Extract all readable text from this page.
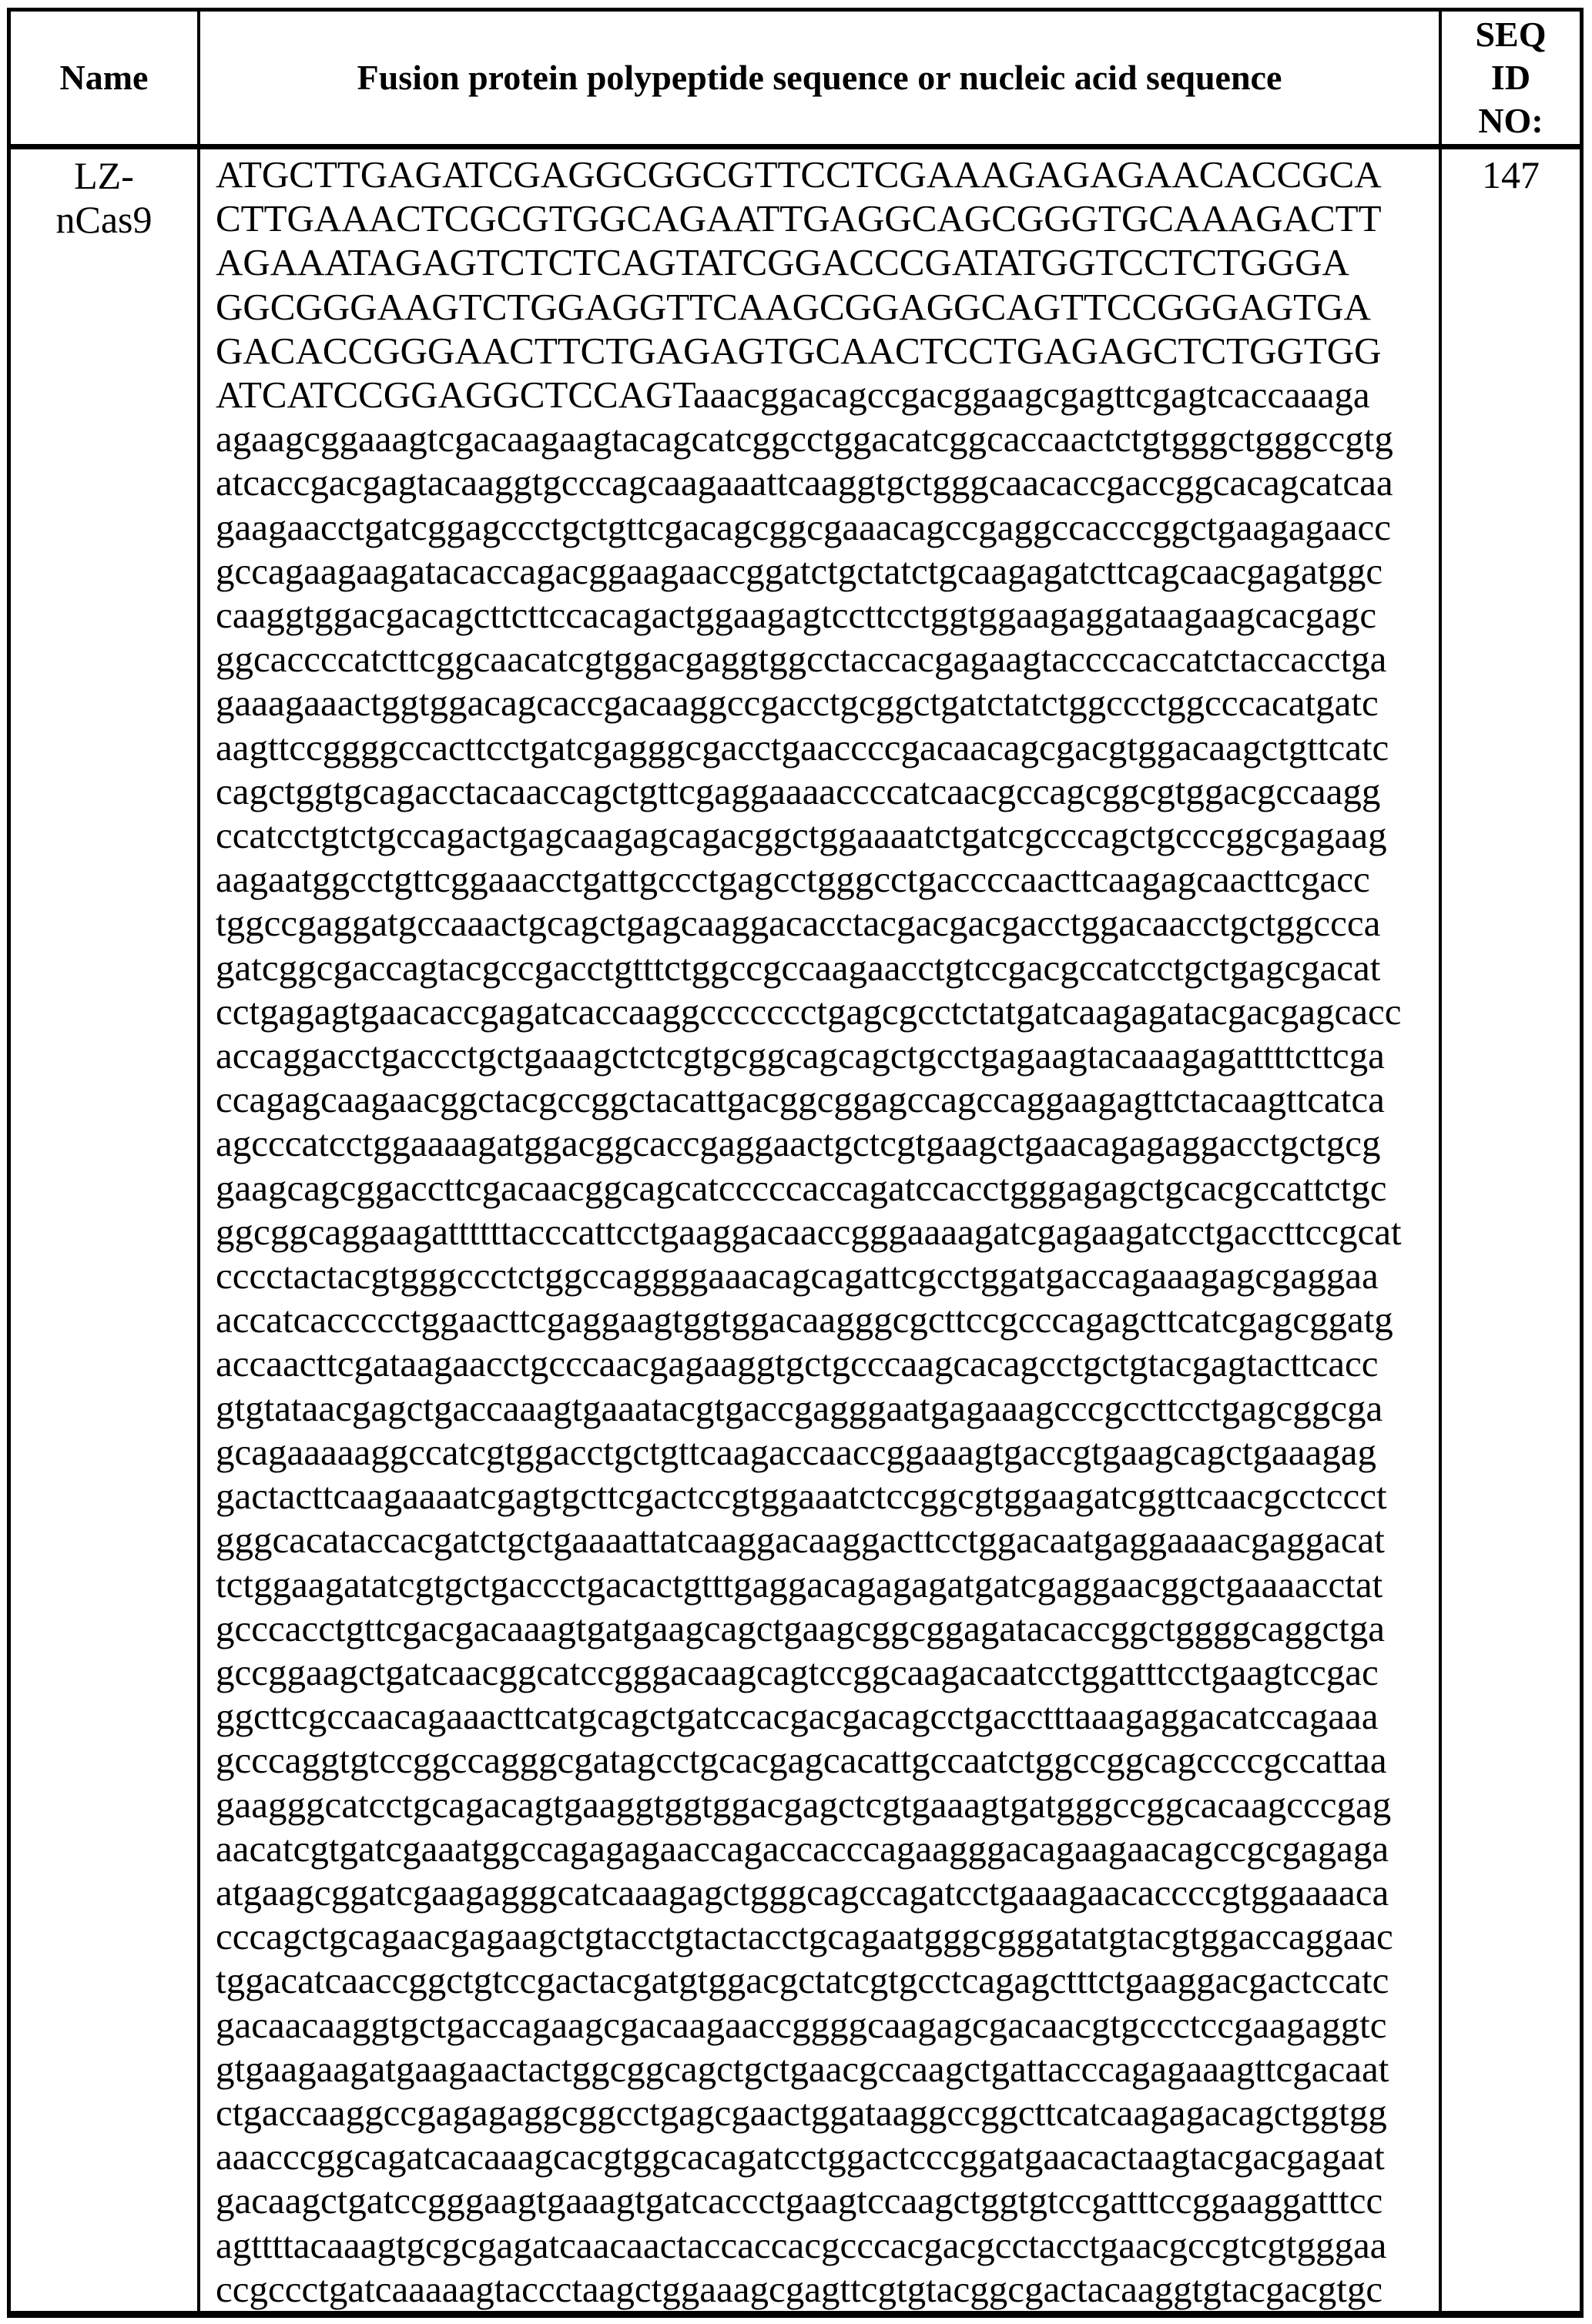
Name	Fusion protein polypeptide sequence or nucleic acid sequence
SEQ
ID
NO:
LZ-
nCas9
ATGCTTGAGATCGAGGCGGCGTTCCTCGAAAGAGAGAACACCGCA
CTTGAAACTCGCGTGGCAGAATTGAGGCAGCGGGTGCAAAGACTT
AGAAATAGAGTCTCTCAGTATCGGACCCGATATGGTCCTCTGGGA
GGCGGGAAGTCTGGAGGTTCAAGCGGAGGCAGTTCCGGGAGTGA
GACACCGGGAACTTCTGAGAGTGCAACTCCTGAGAGCTCTGGTGG
ATCATCCGGAGGCTCCAGTaaacggacagccgacggaagcgagttcgagtcaccaaaga
agaagcggaaagtcgacaagaagtacagcatcggcctggacatcggcaccaactctgtgggctgggccgtg
atcaccgacgagtacaaggtgcccagcaagaaattcaaggtgctgggcaacaccgaccggcacagcatcaa
gaagaacctgatcggagccctgctgttcgacagcggcgaaacagccgaggccacccggctgaagagaacc
gccagaagaagatacaccagacggaagaaccggatctgctatctgcaagagatcttcagcaacgagatggc
caaggtggacgacagcttcttccacagactggaagagtccttcctggtggaagaggataagaagcacgagc
ggcaccccatcttcggcaacatcgtggacgaggtggcctaccacgagaagtaccccaccatctaccacctga
gaaagaaactggtggacagcaccgacaaggccgacctgcggctgatctatctggccctggcccacatgatc
aagttccggggccacttcctgatcgagggcgacctgaaccccgacaacagcgacgtggacaagctgttcatc
cagctggtgcagacctacaaccagctgttcgaggaaaaccccatcaacgccagcggcgtggacgccaagg
ccatcctgtctgccagactgagcaagagcagacggctggaaaatctgatcgcccagctgcccggcgagaag
aagaatggcctgttcggaaacctgattgccctgagcctgggcctgaccccaacttcaagagcaacttcgacc
tggccgaggatgccaaactgcagctgagcaaggacacctacgacgacgacctggacaacctgctggccca
gatcggcgaccagtacgccgacctgtttctggccgccaagaacctgtccgacgccatcctgctgagcgacat
cctgagagtgaacaccgagatcaccaaggccccccctgagcgcctctatgatcaagagatacgacgagcacc
accaggacctgaccctgctgaaagctctcgtgcggcagcagctgcctgagaagtacaaagagattttcttcga
ccagagcaagaacggctacgccggctacattgacggcggagccagccaggaagagttctacaagttcatca
agcccatcctggaaaagatggacggcaccgaggaactgctcgtgaagctgaacagagaggacctgctgcg
gaagcagcggaccttcgacaacggcagcatcccccaccagatccacctgggagagctgcacgccattctgc
ggcggcaggaagattttttacccattcctgaaggacaaccgggaaaagatcgagaagatcctgaccttccgcat
cccctactacgtgggccctctggccaggggaaacagcagattcgcctggatgaccagaaagagcgaggaa
accatcaccccctggaacttcgaggaagtggtggacaagggcgcttccgcccagagcttcatcgagcggatg
accaacttcgataagaacctgcccaacgagaaggtgctgcccaagcacagcctgctgtacgagtacttcacc
gtgtataacgagctgaccaaagtgaaatacgtgaccgagggaatgagaaagcccgccttcctgagcggcga
gcagaaaaaggccatcgtggacctgctgttcaagaccaaccggaaagtgaccgtgaagcagctgaaagag
gactacttcaagaaaatcgagtgcttcgactccgtggaaatctccggcgtggaagatcggttcaacgcctccct
gggcacataccacgatctgctgaaaattatcaaggacaaggacttcctggacaatgaggaaaacgaggacat
tctggaagatatcgtgctgaccctgacactgtttgaggacagagagatgatcgaggaacggctgaaaacctat
gcccacctgttcgacgacaaagtgatgaagcagctgaagcggcggagatacaccggctggggcaggctga
gccggaagctgatcaacggcatccgggacaagcagtccggcaagacaatcctggatttcctgaagtccgac
ggcttcgccaacagaaacttcatgcagctgatccacgacgacagcctgacctttaaagaggacatccagaaa
gcccaggtgtccggccagggcgatagcctgcacgagcacattgccaatctggccggcagccccgccattaa
gaagggcatcctgcagacagtgaaggtggtggacgagctcgtgaaagtgatgggccggcacaagcccgag
aacatcgtgatcgaaatggccagagagaaccagaccacccagaagggacagaagaacagccgcgagaga
atgaagcggatcgaagagggcatcaaagagctgggcagccagatcctgaaagaacaccccgtggaaaaca
cccagctgcagaacgagaagctgtacctgtactacctgcagaatgggcgggatatgtacgtggaccaggaac
tggacatcaaccggctgtccgactacgatgtggacgctatcgtgcctcagagctttctgaaggacgactccatc
gacaacaaggtgctgaccagaagcgacaagaaccggggcaagagcgacaacgtgccctccgaagaggtc
gtgaagaagatgaagaactactggcggcagctgctgaacgccaagctgattacccagagaaagttcgacaat
ctgaccaaggccgagagaggcggcctgagcgaactggataaggccggcttcatcaagagacagctggtgg
aaacccggcagatcacaaagcacgtggcacagatcctggactcccggatgaacactaagtacgacgagaat
gacaagctgatccgggaagtgaaagtgatcaccctgaagtccaagctggtgtccgatttccggaaggatttcc
agttttacaaagtgcgcgagatcaacaactaccaccacgcccacgacgcctacctgaacgccgtcgtgggaa
ccgccctgatcaaaaagtaccctaagctggaaagcgagttcgtgtacggcgactacaaggtgtacgacgtgc
147
